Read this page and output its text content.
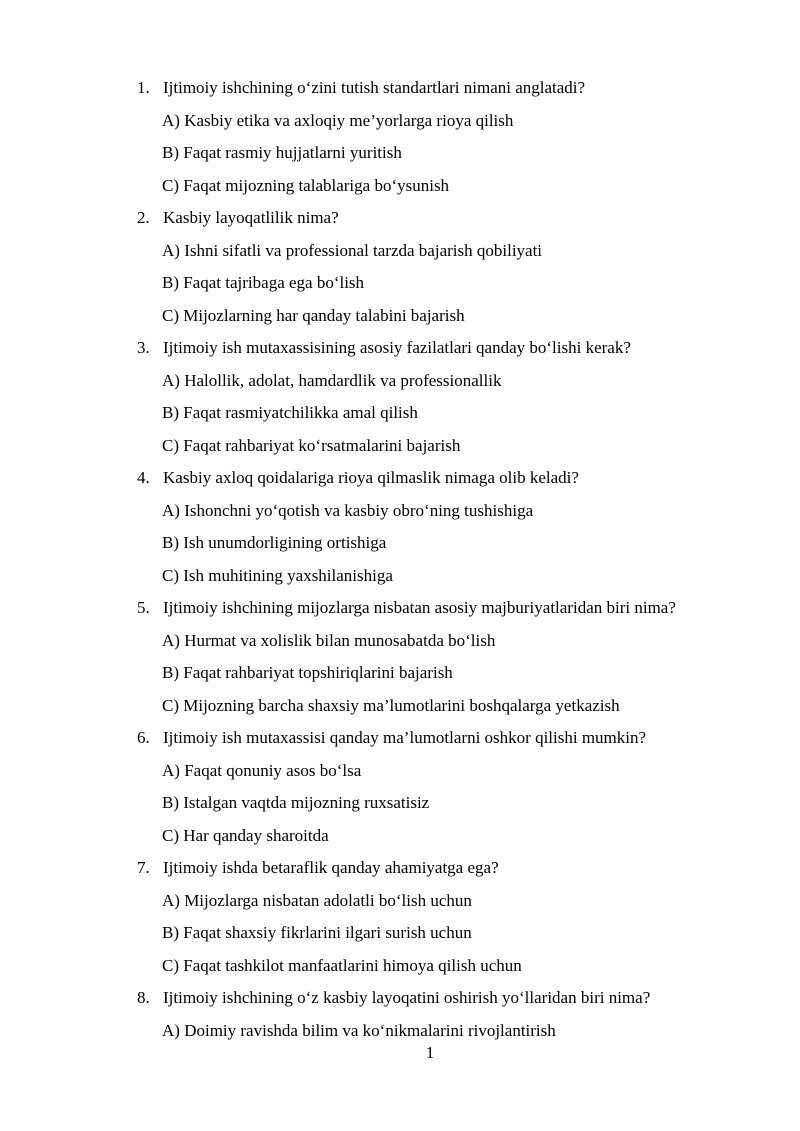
1. Ijtimoiy ishchining o‘zini tutish standartlari nimani anglatadi?
A) Kasbiy etika va axloqiy me’yorlarga rioya qilish
B) Faqat rasmiy hujjatlarni yuritish
C) Faqat mijozning talablariga bo‘ysunish
2. Kasbiy layoqatlilik nima?
A) Ishni sifatli va professional tarzda bajarish qobiliyati
B) Faqat tajribaga ega bo‘lish
C) Mijozlarning har qanday talabini bajarish
3. Ijtimoiy ish mutaxassisining asosiy fazilatlari qanday bo‘lishi kerak?
A) Halollik, adolat, hamdardlik va professionallik
B) Faqat rasmiyatchilikka amal qilish
C) Faqat rahbariyat ko‘rsatmalarini bajarish
4. Kasbiy axloq qoidalariga rioya qilmaslik nimaga olib keladi?
A) Ishonchni yo‘qotish va kasbiy obro‘ning tushishiga
B) Ish unumdorligining ortishiga
C) Ish muhitining yaxshilanishiga
5. Ijtimoiy ishchining mijozlarga nisbatan asosiy majburiyatlaridan biri nima?
A) Hurmat va xolislik bilan munosabatda bo‘lish
B) Faqat rahbariyat topshiriqlarini bajarish
C) Mijozning barcha shaxsiy ma’lumotlarini boshqalarga yetkazish
6. Ijtimoiy ish mutaxassisi qanday ma’lumotlarni oshkor qilishi mumkin?
A) Faqat qonuniy asos bo‘lsa
B) Istalgan vaqtda mijozning ruxsatisiz
C) Har qanday sharoitda
7. Ijtimoiy ishda betaraflik qanday ahamiyatga ega?
A) Mijozlarga nisbatan adolatli bo‘lish uchun
B) Faqat shaxsiy fikrlarini ilgari surish uchun
C) Faqat tashkilot manfaatlarini himoya qilish uchun
8. Ijtimoiy ishchining o‘z kasbiy layoqatini oshirish yo‘llaridan biri nima?
A) Doimiy ravishda bilim va ko‘nikmalarini rivojlantirish
1
